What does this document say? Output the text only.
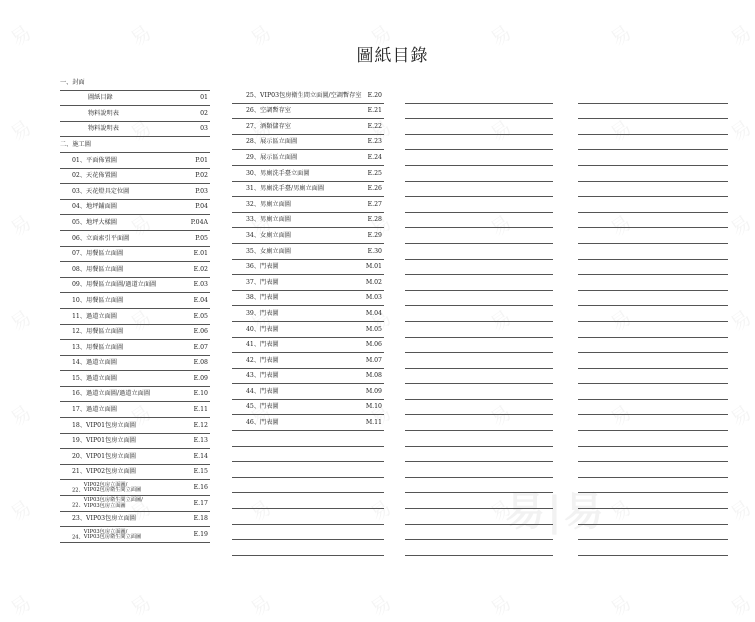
易|易
圖紙目錄
一、封面
圖紙目錄	01
物料說明表	02
物料說明表	03
二、施工圖
01、平面佈置圖	P.01
02、天花佈置圖	P.02
03、天花燈具定位圖	P.03
04、地坪鋪面圖	P.04
05、地坪大樣圖	P.04A
06、立面索引平面圖	P.05
07、用餐區立面圖	E.01
08、用餐區立面圖	E.02
09、用餐區立面圖/過道立面圖	E.03
10、用餐區立面圖	E.04
11、過道立面圖	E.05
12、用餐區立面圖	E.06
13、用餐區立面圖	E.07
14、過道立面圖	E.08
15、過道立面圖	E.09
16、過道立面圖/過道立面圖	E.10
17、過道立面圖	E.11
18、VIP01包房立面圖	E.12
19、VIP01包房立面圖	E.13
20、VIP01包房立面圖	E.14
21、VIP02包房立面圖	E.15
22、
VIP02包房立面圖/
VIP02包房衛生間立面圖	E.16
22、
VIP03包房衛生間立面圖/
VIP03包房立面圖	E.17
23、VIP03包房立面圖	E.18
24、
VIP03包房立面圖/
VIP03包房衛生間立面圖	E.19
25、VIP03包房衛生間立面圖/空調暫存室 E.20
26、空調暫存室	E.21
27、酒類儲存室	E.22
28、展示區立面圖	E.23
29、展示區立面圖	E.24
30、男廁洗手臺立面圖	E.25
31、男廁洗手臺/男廁立面圖	E.26
32、男廁立面圖	E.27
33、男廁立面圖	E.28
34、女廁立面圖	E.29
35、女廁立面圖	E.30
36、門表圖	M.01
37、門表圖	M.02
38、門表圖	M.03
39、門表圖	M.04
40、門表圖	M.05
41、門表圖	M.06
42、門表圖	M.07
43、門表圖	M.08
44、門表圖	M.09
45、門表圖	M.10
46、門表圖	M.11
